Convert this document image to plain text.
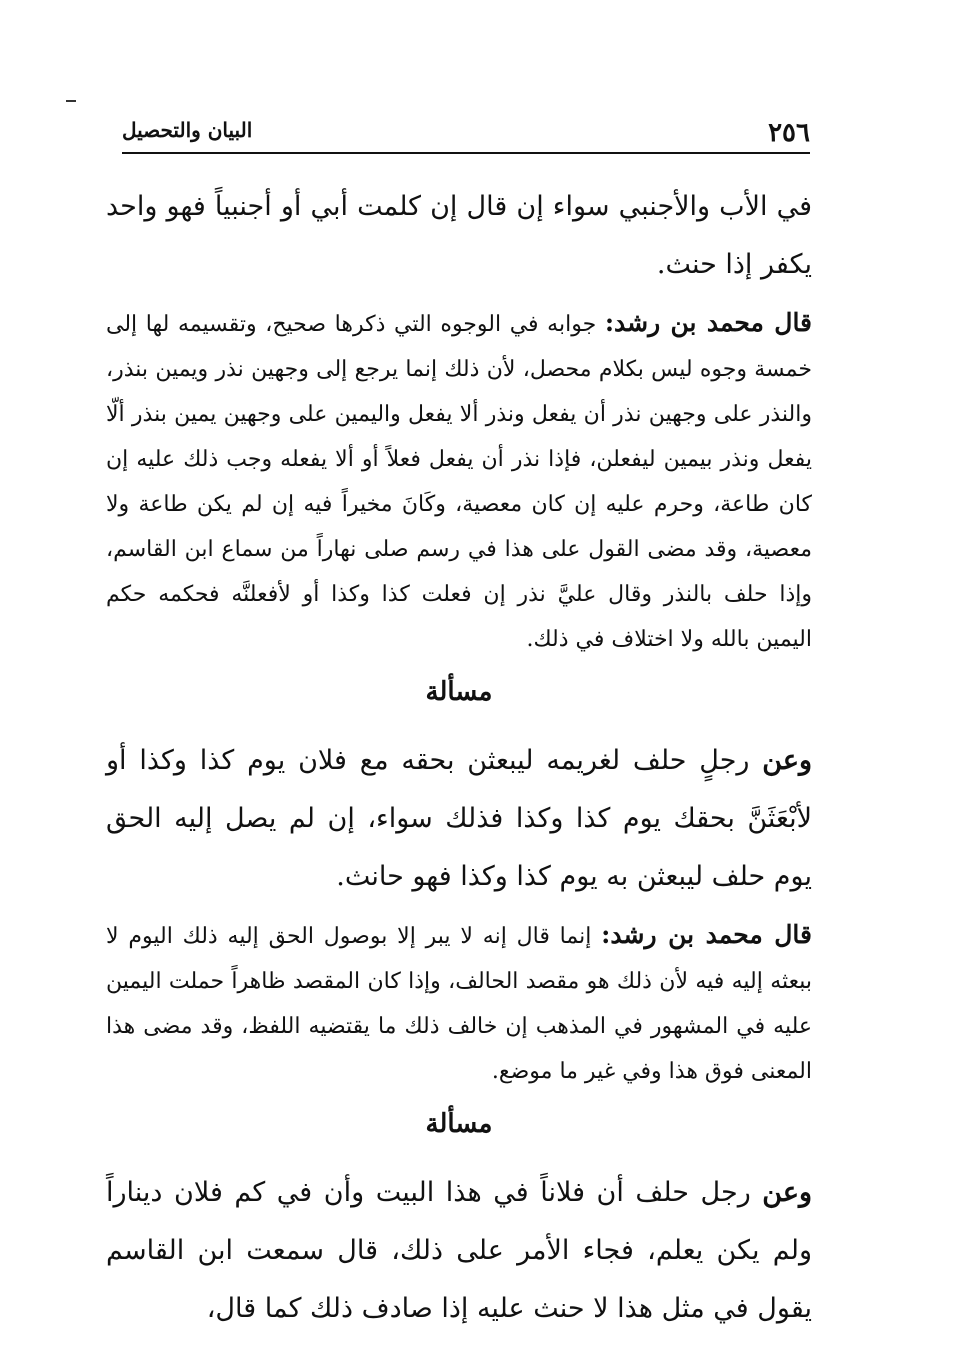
٢٥٦
البيان والتحصيل

في الأب والأجنبي سواء إن قال إن كلمت أبي أو أجنبياً فهو واحد يكفر إذا حنث.

قال محمد بن رشد: جوابه في الوجوه التي ذكرها صحيح، وتقسيمه لها إلى خمسة وجوه ليس بكلام محصل، لأن ذلك إنما يرجع إلى وجهين نذر ويمين بنذر، والنذر على وجهين نذر أن يفعل ونذر ألا يفعل واليمين على وجهين يمين بنذر ألّا يفعل ونذر بيمين ليفعلن، فإذا نذر أن يفعل فعلاً أو ألا يفعله وجب ذلك عليه إن كان طاعة، وحرم عليه إن كان معصية، وكَانَ مخيراً فيه إن لم يكن طاعة ولا معصية، وقد مضى القول على هذا في رسم صلى نهاراً من سماع ابن القاسم، وإذا حلف بالنذر وقال عليَّ نذر إن فعلت كذا وكذا أو لأفعلنَّه فحكمه حكم اليمين بالله ولا اختلاف في ذلك.

مسألة

وعن رجلٍ حلف لغريمه ليبعثن بحقه مع فلان يوم كذا وكذا أو لأبْعَثَنَّ بحقك يوم كذا وكذا فذلك سواء، إن لم يصل إليه الحق يوم حلف ليبعثن به يوم كذا وكذا فهو حانث.

قال محمد بن رشد: إنما قال إنه لا يبر إلا بوصول الحق إليه ذلك اليوم لا ببعثه إليه فيه لأن ذلك هو مقصد الحالف، وإذا كان المقصد ظاهراً حملت اليمين عليه في المشهور في المذهب إن خالف ذلك ما يقتضيه اللفظ، وقد مضى هذا المعنى فوق هذا وفي غير ما موضع.

مسألة

وعن رجل حلف أن فلاناً في هذا البيت وأن في كم فلان ديناراً ولم يكن يعلم، فجاء الأمر على ذلك، قال سمعت ابن القاسم يقول في مثل هذا لا حنث عليه إذا صادف ذلك كما قال،
